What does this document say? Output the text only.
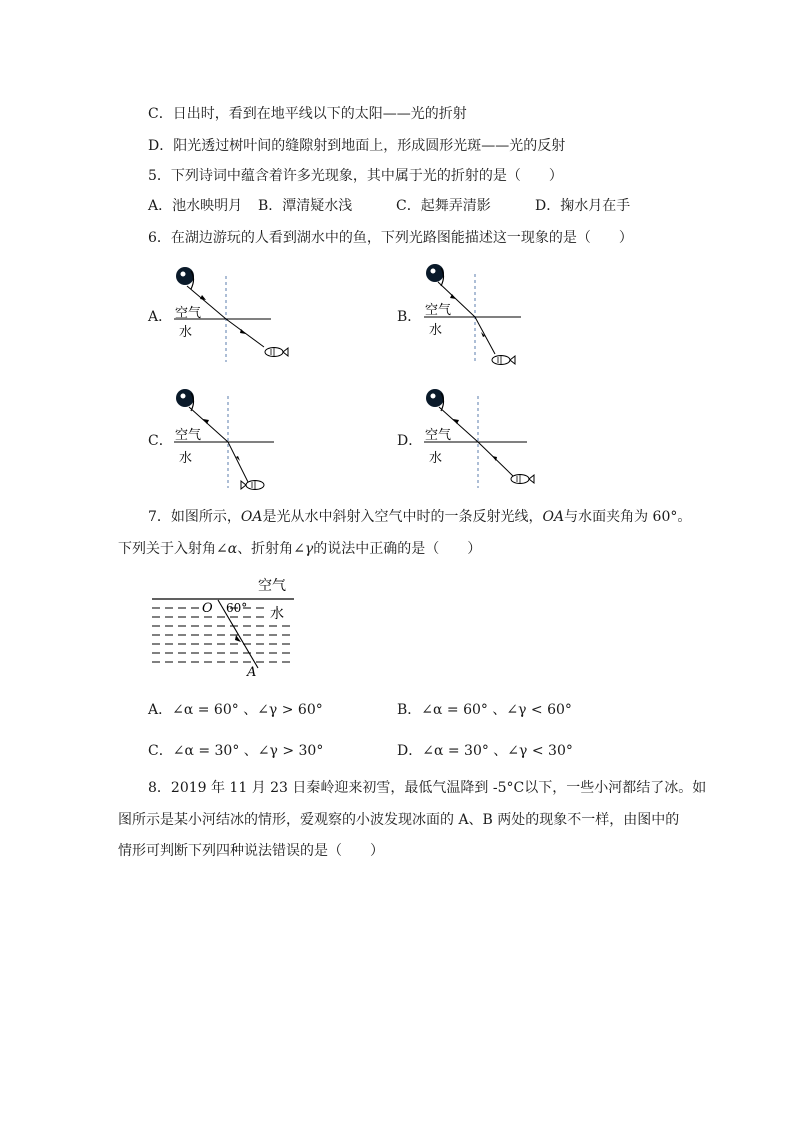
C．日出时，看到在地平线以下的太阳——光的折射
D．阳光透过树叶间的缝隙射到地面上，形成圆形光斑——光的反射
5．下列诗词中蕴含着许多光现象，其中属于光的折射的是（　　）
A．池水映明月 B．潭清疑水浅	C．起舞弄清影	D．掬水月在手
6．在湖边游玩的人看到湖水中的鱼，下列光路图能描述这一现象的是（　　）
A． 空气
水
B． 空气
水
C． 空气
水
D． 空气
水
7．如图所示，OA是光从水中斜射入空气中时的一条反射光线，OA与水面夹角为 60°。
下列关于入射角∠α、折射角∠γ的说法中正确的是（　　）
空气
O 60° 水
A
A．∠α = 60° 、∠γ > 60°	B．∠α = 60° 、∠γ < 60°
C．∠α = 30° 、∠γ > 30°	D．∠α = 30° 、∠γ < 30°
8．2019 年 11 月 23 日秦岭迎来初雪，最低气温降到 -5°C以下，一些小河都结了冰。如
图所示是某小河结冰的情形，爱观察的小波发现冰面的 A、B 两处的现象不一样，由图中的
情形可判断下列四种说法错误的是（　　）
